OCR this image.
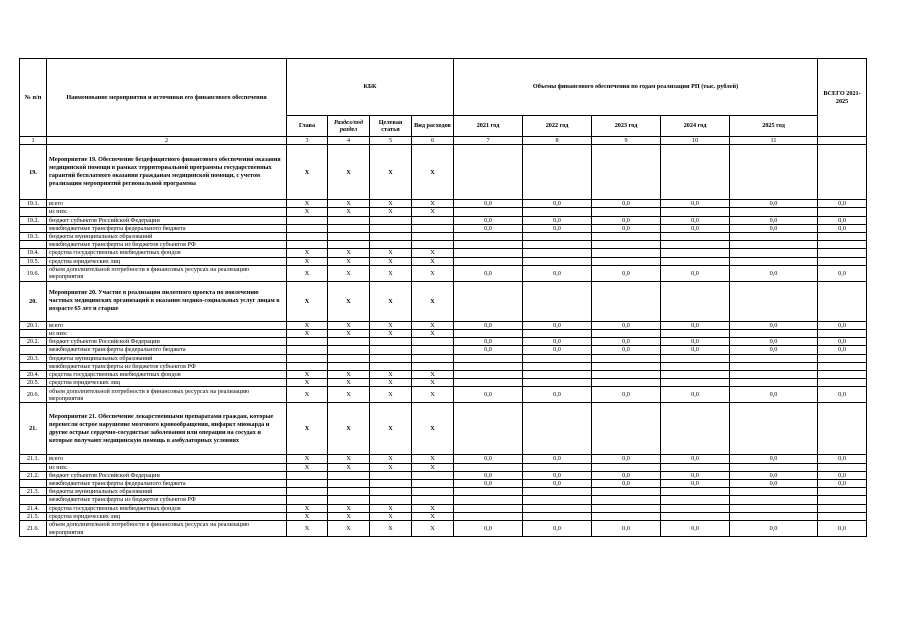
№ п/п	Наименование мероприятия и источники его финансового обеспечения	КБК				Объемы финансового обеспечения по годам реализации РП (тыс. рублей)					ВСЕГО 2021-2025
		Глава	Раздел/под раздел	Целевая статья	Вид расходов	2021 год	2022 год	2023 год	2024 год	2025 год	
1	2	3	4	5	6	7	8	9	10	11	
19.	Мероприятие 19. Обеспечение бездефицитного финансового обеспечения оказания медицинской помощи в рамках территориальной программы государственных гарантий бесплатного оказания гражданам медицинской помощи, с учетом реализации мероприятий региональной программы	X	X	X	X						
19.1.	всего	X	X	X	X	0,0	0,0	0,0	0,0	0,0	0,0
	из них:	X	X	X	X						
19.2.	бюджет субъектов Российской Федерации					0,0	0,0	0,0	0,0	0,0	0,0
	межбюджетные трансферты федерального бюджета					0,0	0,0	0,0	0,0	0,0	0,0
19.3.	бюджеты муниципальных образований										
	межбюджетные трансферты из бюджетов субъектов РФ										
19.4.	средства государственных внебюджетных фондов	X	X	X	X						
19.5.	средства юридических лиц	X	X	X	X						
19.6.	объем дополнительной потребности в финансовых ресурсах на реализацию мероприятия	X	X	X	X	0,0	0,0	0,0	0,0	0,0	0,0
20.	Мероприятие 20. Участие в реализации пилотного проекта по вовлечению частных медицинских организаций в оказание медико-социальных услуг лицам в возрасте 65 лет и старше	X	X	X	X						
20.1.	всего	X	X	X	X	0,0	0,0	0,0	0,0	0,0	0,0
	из них:	X	X	X	X						
20.2.	бюджет субъектов Российской Федерации					0,0	0,0	0,0	0,0	0,0	0,0
	межбюджетные трансферты федерального бюджета					0,0	0,0	0,0	0,0	0,0	0,0
20.3.	бюджеты муниципальных образований										
	межбюджетные трансферты из бюджетов субъектов РФ										
20.4.	средства государственных внебюджетных фондов	X	X	X	X						
20.5.	средства юридических лиц	X	X	X	X						
20.6.	объем дополнительной потребности в финансовых ресурсах на реализацию мероприятия	X	X	X	X	0,0	0,0	0,0	0,0	0,0	0,0
21.	Мероприятие 21. Обеспечение лекарственными препаратами граждан, которые перенесли острое нарушение мозгового кровообращения, инфаркт миокарда и другие острые сердечно-сосудистые заболевания или операции на сосудах и которые получают медицинскую помощь в амбулаторных условиях	X	X	X	X						
21.1.	всего	X	X	X	X	0,0	0,0	0,0	0,0	0,0	0,0
	из них:	X	X	X	X						
21.2.	бюджет субъектов Российской Федерации					0,0	0,0	0,0	0,0	0,0	0,0
	межбюджетные трансферты федерального бюджета					0,0	0,0	0,0	0,0	0,0	0,0
21.3.	бюджеты муниципальных образований										
	межбюджетные трансферты из бюджетов субъектов РФ										
21.4.	средства государственных внебюджетных фондов	X	X	X	X						
21.5.	средства юридических лиц	X	X	X	X						
21.6.	объем дополнительной потребности в финансовых ресурсах на реализацию мероприятия	X	X	X	X	0,0	0,0	0,0	0,0	0,0	0,0
